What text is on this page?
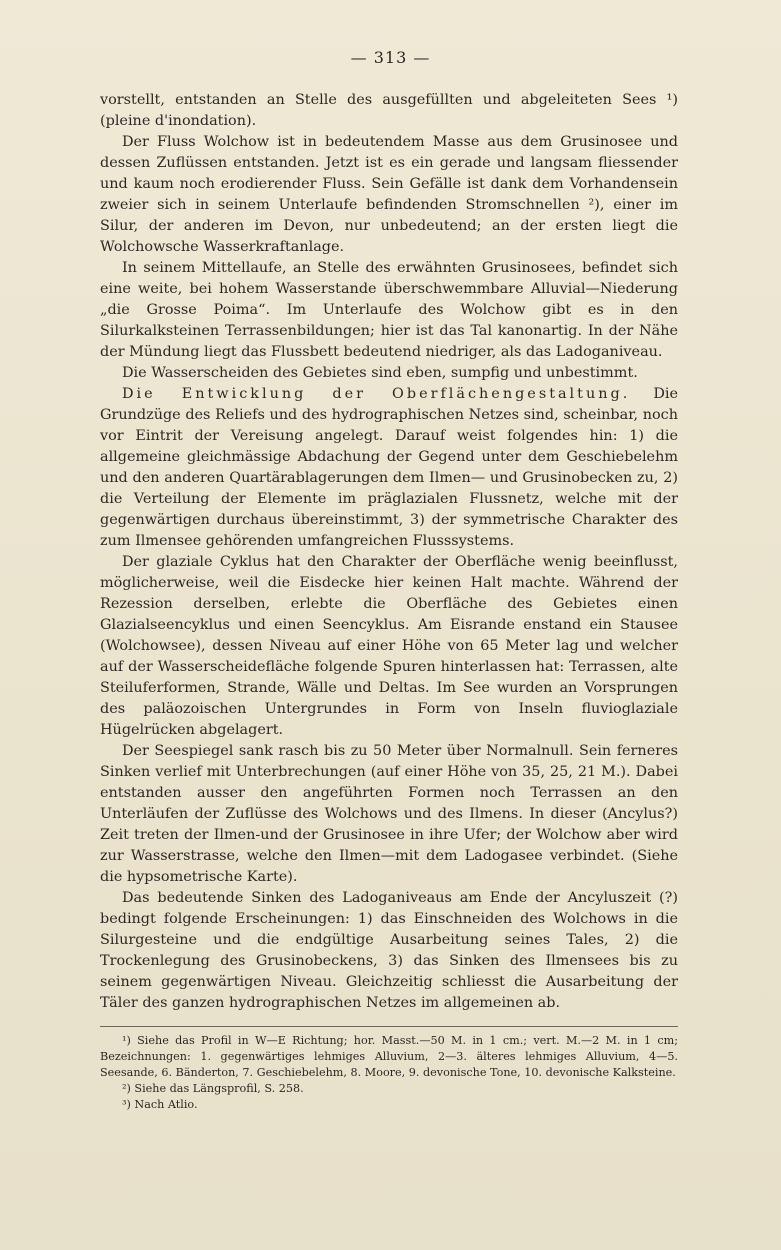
— 313 —

vorstellt, entstanden an Stelle des ausgefüllten und abgeleiteten Sees ¹) (pleine d'inondation).

Der Fluss Wolchow ist in bedeutendem Masse aus dem Grusinosee und dessen Zuflüssen entstanden. Jetzt ist es ein gerade und langsam fliessender und kaum noch erodierender Fluss. Sein Gefälle ist dank dem Vorhandensein zweier sich in seinem Unterlaufe befindenden Stromschnellen ²), einer im Silur, der anderen im Devon, nur unbedeutend; an der ersten liegt die Wolchowsche Wasserkraftanlage.

In seinem Mittellaufe, an Stelle des erwähnten Grusinosees, befindet sich eine weite, bei hohem Wasserstande überschwemmbare Alluvial—Niederung „die Grosse Poima“. Im Unterlaufe des Wolchow gibt es in den Silurkalksteinen Terrassenbildungen; hier ist das Tal kanonartig. In der Nähe der Mündung liegt das Flussbett bedeutend niedriger, als das Ladoganiveau.

Die Wasserscheiden des Gebietes sind eben, sumpfig und unbestimmt.

Die Entwicklung der Oberflächengestaltung. Die Grundzüge des Reliefs und des hydrographischen Netzes sind, scheinbar, noch vor Eintrit der Vereisung angelegt. Darauf weist folgendes hin: 1) die allgemeine gleichmässige Abdachung der Gegend unter dem Geschiebelehm und den anderen Quartärablagerungen dem Ilmen— und Grusinobecken zu, 2) die Verteilung der Elemente im präglazialen Flussnetz, welche mit der gegenwärtigen durchaus übereinstimmt, 3) der symmetrische Charakter des zum Ilmensee gehörenden umfangreichen Flusssystems.

Der glaziale Cyklus hat den Charakter der Oberfläche wenig beeinflusst, möglicherweise, weil die Eisdecke hier keinen Halt machte. Während der Rezession derselben, erlebte die Oberfläche des Gebietes einen Glazialseencyklus und einen Seencyklus. Am Eisrande enstand ein Stausee (Wolchowsee), dessen Niveau auf einer Höhe von 65 Meter lag und welcher auf der Wasserscheidefläche folgende Spuren hinterlassen hat: Terrassen, alte Steiluferformen, Strande, Wälle und Deltas. Im See wurden an Vorsprungen des paläozoischen Untergrundes in Form von Inseln fluvioglaziale Hügelrücken abgelagert.

Der Seespiegel sank rasch bis zu 50 Meter über Normalnull. Sein ferneres Sinken verlief mit Unterbrechungen (auf einer Höhe von 35, 25, 21 M.). Dabei entstanden ausser den angeführten Formen noch Terrassen an den Unterläufen der Zuflüsse des Wolchows und des Ilmens. In dieser (Ancylus?) Zeit treten der Ilmen-und der Grusinosee in ihre Ufer; der Wolchow aber wird zur Wasserstrasse, welche den Ilmen—mit dem Ladogasee verbindet. (Siehe die hypsometrische Karte).

Das bedeutende Sinken des Ladoganiveaus am Ende der Ancyluszeit (?) bedingt folgende Erscheinungen: 1) das Einschneiden des Wolchows in die Silurgesteine und die endgültige Ausarbeitung seines Tales, 2) die Trockenlegung des Grusinobeckens, 3) das Sinken des Ilmensees bis zu seinem gegenwärtigen Niveau. Gleichzeitig schliesst die Ausarbeitung der Täler des ganzen hydrographischen Netzes im allgemeinen ab.

¹) Siehe das Profil in W—E Richtung; hor. Masst.—50 M. in 1 cm.; vert. M.—2 M. in 1 cm; Bezeichnungen: 1. gegenwärtiges lehmiges Alluvium, 2—3. älteres lehmiges Alluvium, 4—5. Seesande, 6. Bänderton, 7. Geschiebelehm, 8. Moore, 9. devonische Tone, 10. devonische Kalksteine.

²) Siehe das Längsprofil, S. 258.

³) Nach Atlio.
